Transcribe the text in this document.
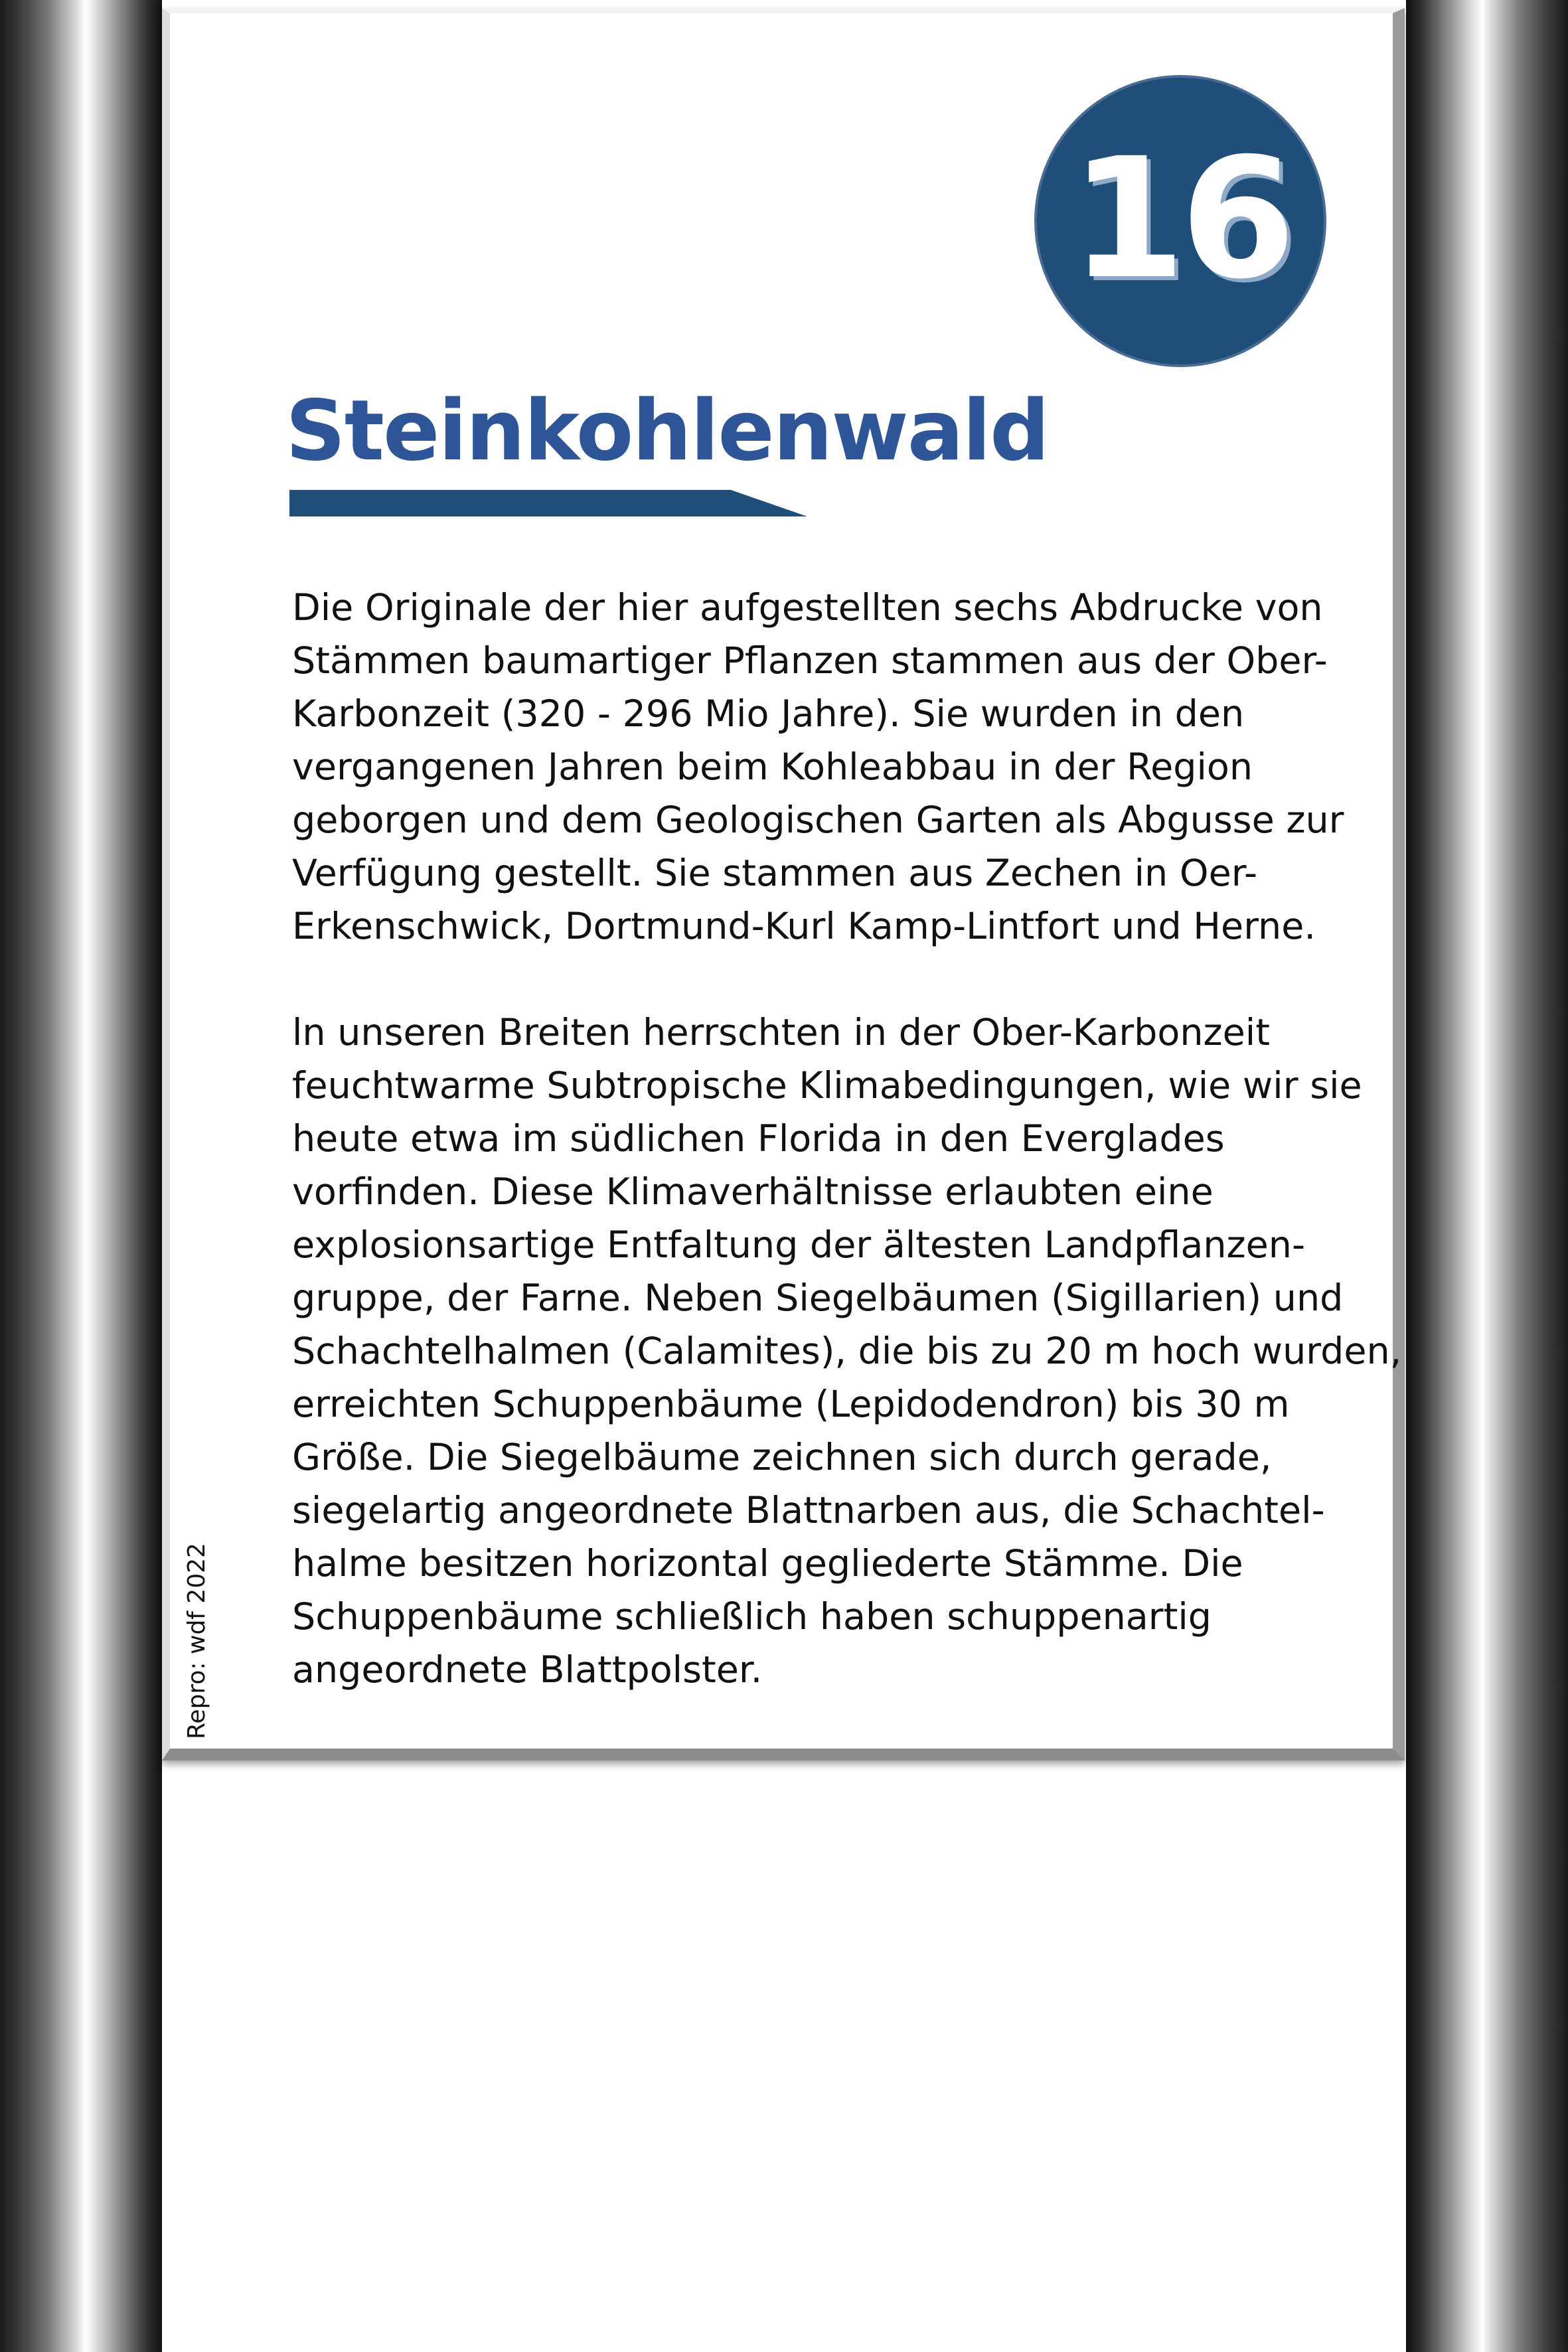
16
Steinkohlenwald
Die Originale der hier aufgestellten sechs Abdrucke von
Stämmen baumartiger Pflanzen stammen aus der Ober-
Karbonzeit (320 - 296 Mio Jahre). Sie wurden in den
vergangenen Jahren beim Kohleabbau in der Region
geborgen und dem Geologischen Garten als Abgusse zur
Verfügung gestellt. Sie stammen aus Zechen in Oer-
Erkenschwick, Dortmund-Kurl Kamp-Lintfort und Herne.
ln unseren Breiten herrschten in der Ober-Karbonzeit
feuchtwarme Subtropische Klimabedingungen, wie wir sie
heute etwa im südlichen Florida in den Everglades
vorfinden. Diese Klimaverhältnisse erlaubten eine
explosionsartige Entfaltung der ältesten Landpflanzen-
gruppe, der Farne. Neben Siegelbäumen (Sigillarien) und
Schachtelhalmen (Calamites), die bis zu 20 m hoch wurden,
erreichten Schuppenbäume (Lepidodendron) bis 30 m
Größe. Die Siegelbäume zeichnen sich durch gerade,
siegelartig angeordnete Blattnarben aus, die Schachtel-
halme besitzen horizontal gegliederte Stämme. Die
Schuppenbäume schließlich haben schuppenartig
angeordnete Blattpolster.
Repro: wdf 2022
